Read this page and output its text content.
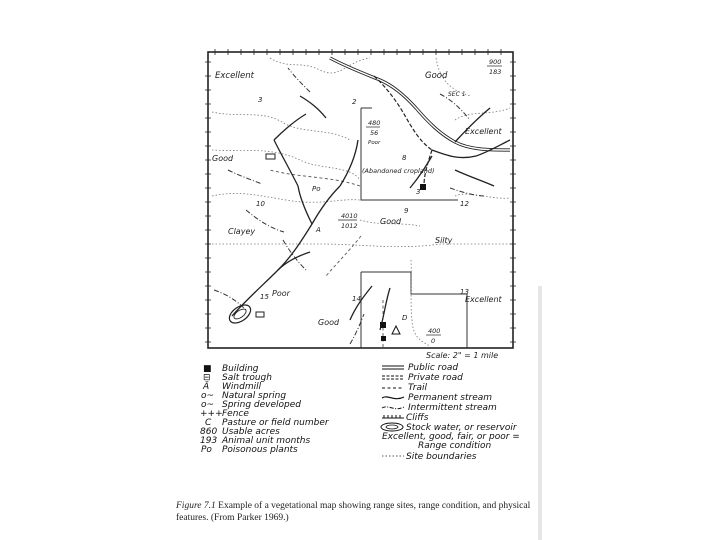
Excellent	Good
Excellent
Good
(Abandoned cropland)
Clayey
Good
Silty
Poor
Good
Excellent
Poor
SEC 1
2
3
3
8
9
10	12
13
14
15
A
D
Po
900
183
480
56
4010
1012
400
0
Scale: 2" = 1 mile
■ Building
⊟ Salt trough
Ä Windmill
o~ Natural spring
o~ Spring developed
+++ Fence
C Pasture or field number
860 Usable acres
193 Animal unit months
Po Poisonous plants
Public road
Private road
Trail
Permanent stream
Intermittent stream
Cliffs
Stock water, or reservoir
Excellent, good, fair, or poor =
Range condition
Site boundaries
Figure 7.1 Example of a vegetational map showing range sites, range condition, and physical features. (From Parker 1969.)
